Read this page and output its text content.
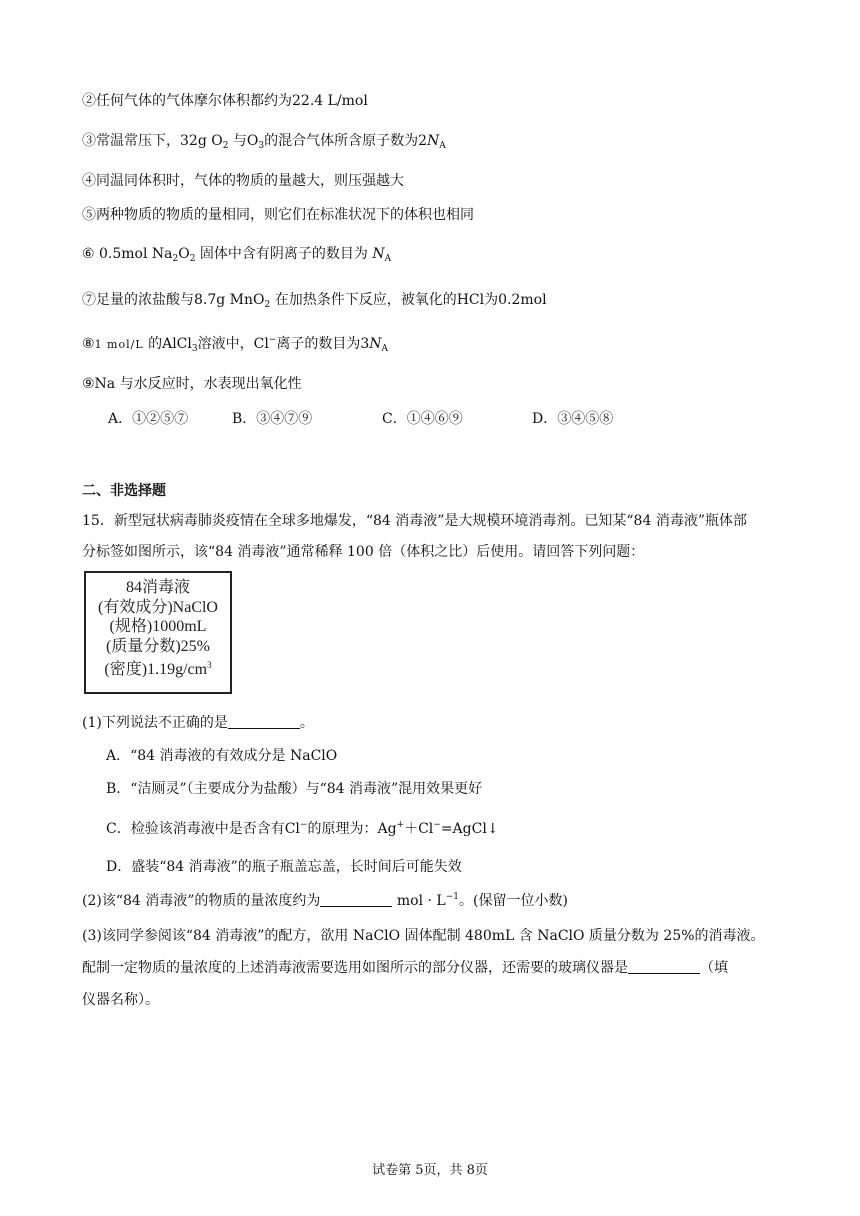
②任何气体的气体摩尔体积都约为22.4 L/mol
③常温常压下，32g $O_2$ 与$O_3$的混合气体所含原子数为$2N_A$
④同温同体积时，气体的物质的量越大，则压强越大
⑤两种物质的物质的量相同，则它们在标准状况下的体积也相同
⑥ 0.5mol $Na_2O_2$ 固体中含有阴离子的数目为 $N_A$
⑦足量的浓盐酸与8.7g MnO$_2$ 在加热条件下反应，被氧化的HCl为0.2mol
⑧1 mol/L 的AlCl$_3$溶液中，Cl−离子的数目为$3N_A$
⑨Na 与水反应时，水表现出氧化性
A．①②⑤⑦	B．③④⑦⑨	C．①④⑥⑨	D．③④⑤⑧
二、非选择题
15．新型冠状病毒肺炎疫情在全球多地爆发，“84 消毒液”是大规模环境消毒剂。已知某“84 消毒液”瓶体部
分标签如图所示，该“84 消毒液”通常稀释 100 倍（体积之比）后使用。请回答下列问题：
84消毒液
(有效成分)NaClO
(规格)1000mL
(质量分数)25%
(密度)$1.19g/cm^3$
(1)下列说法不正确的是	。
A．“84 消毒液的有效成分是 NaClO
B．“洁厕灵”（主要成分为盐酸）与“84 消毒液”混用效果更好
C．检验该消毒液中是否含有Cl−的原理为：Ag+＋Cl−=AgCl↓
D．盛装“84 消毒液”的瓶子瓶盖忘盖，长时间后可能失效
(2)该“84 消毒液”的物质的量浓度约为	mol · $L^{-1}$。(保留一位小数)
(3)该同学参阅该“84 消毒液”的配方，欲用 NaClO 固体配制 480mL 含 NaClO 质量分数为 25%的消毒液。
配制一定物质的量浓度的上述消毒液需要选用如图所示的部分仪器，还需要的玻璃仪器是	（填
仪器名称）。
试卷第 5页，共 8页
